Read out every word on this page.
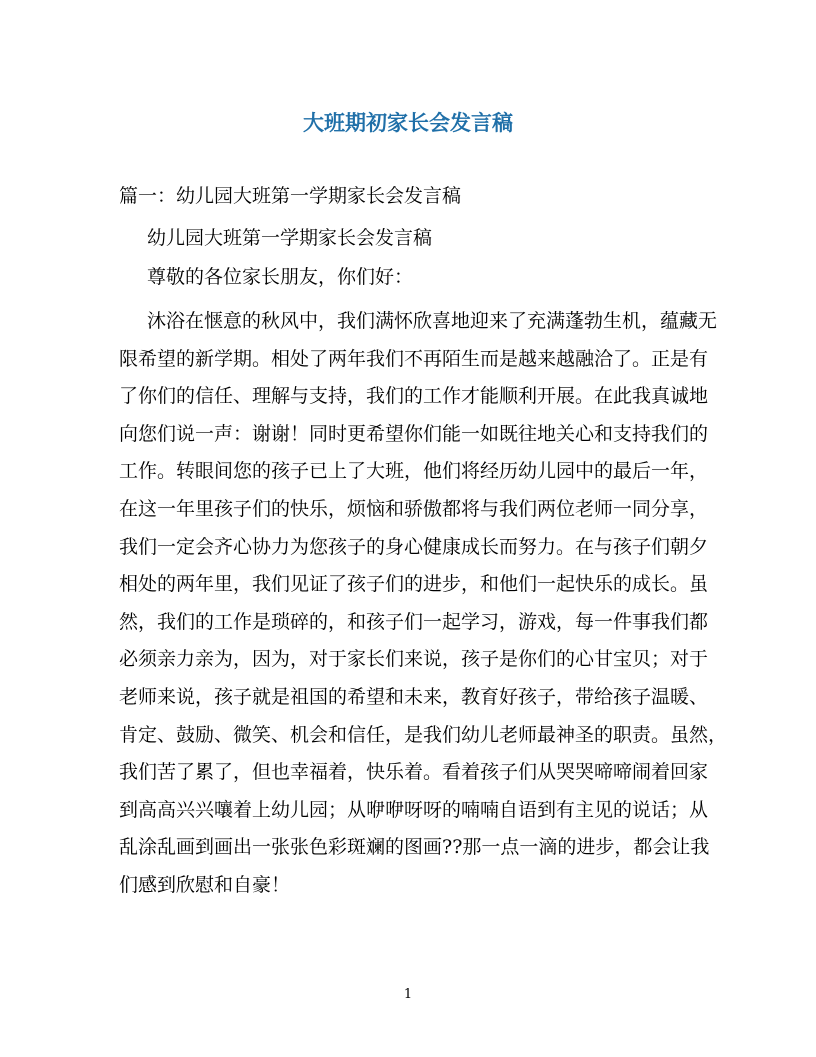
大班期初家长会发言稿
篇一：幼儿园大班第一学期家长会发言稿
幼儿园大班第一学期家长会发言稿
尊敬的各位家长朋友，你们好：
沐浴在惬意的秋风中，我们满怀欣喜地迎来了充满蓬勃生机，蕴藏无
限希望的新学期。相处了两年我们不再陌生而是越来越融洽了。正是有
了你们的信任、理解与支持，我们的工作才能顺利开展。在此我真诚地
向您们说一声：谢谢！同时更希望你们能一如既往地关心和支持我们的
工作。转眼间您的孩子已上了大班，他们将经历幼儿园中的最后一年，
在这一年里孩子们的快乐，烦恼和骄傲都将与我们两位老师一同分享，
我们一定会齐心协力为您孩子的身心健康成长而努力。在与孩子们朝夕
相处的两年里，我们见证了孩子们的进步，和他们一起快乐的成长。虽
然，我们的工作是琐碎的，和孩子们一起学习，游戏，每一件事我们都
必须亲力亲为，因为，对于家长们来说，孩子是你们的心甘宝贝；对于
老师来说，孩子就是祖国的希望和未来，教育好孩子，带给孩子温暖、
肯定、鼓励、微笑、机会和信任，是我们幼儿老师最神圣的职责。虽然，
我们苦了累了，但也幸福着，快乐着。看着孩子们从哭哭啼啼闹着回家
到高高兴兴嚷着上幼儿园；从咿咿呀呀的喃喃自语到有主见的说话；从
乱涂乱画到画出一张张色彩斑斓的图画??那一点一滴的进步，都会让我
们感到欣慰和自豪！
1
